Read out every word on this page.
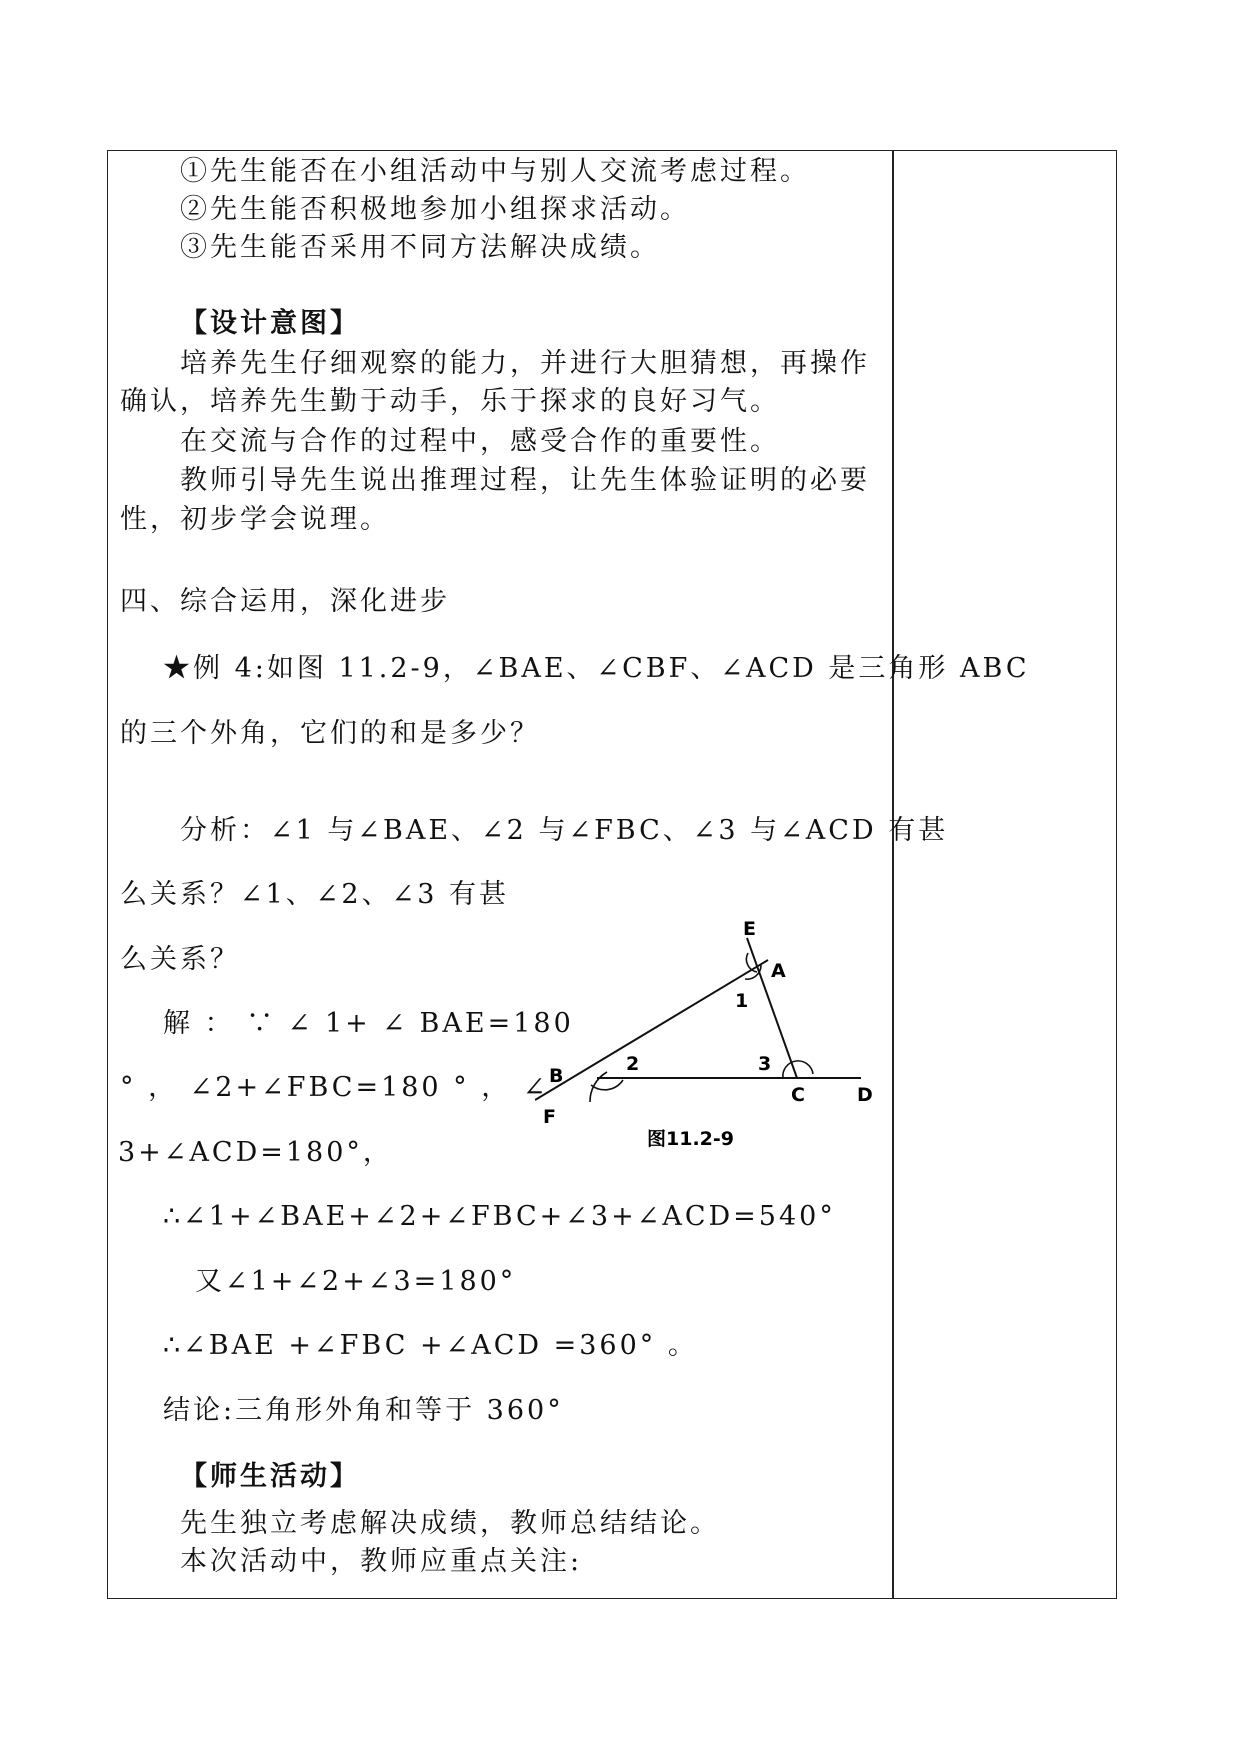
①先生能否在小组活动中与别人交流考虑过程。
②先生能否积极地参加小组探求活动。
③先生能否采用不同方法解决成绩。
【设计意图】
培养先生仔细观察的能力，并进行大胆猜想，再操作
确认，培养先生勤于动手，乐于探求的良好习气。
在交流与合作的过程中，感受合作的重要性。
教师引导先生说出推理过程，让先生体验证明的必要
性，初步学会说理。
四、综合运用，深化进步
★例 4:如图 11.2-9，∠BAE、∠CBF、∠ACD 是三角形 ABC
的三个外角，它们的和是多少？
分析：∠1 与∠BAE、∠2 与∠FBC、∠3 与∠ACD 有甚
么关系？∠1、∠2、∠3 有甚
么关系？
解 ： ∵ ∠ 1+ ∠ BAE=180
° ， ∠2+∠FBC=180 ° ， ∠
3+∠ACD=180°，
∴∠1+∠BAE+∠2+∠FBC+∠3+∠ACD=540°
又∠1+∠2+∠3=180°
∴∠BAE +∠FBC +∠ACD =360° 。
结论:三角形外角和等于 360°
【师生活动】
先生独立考虑解决成绩，教师总结结论。
本次活动中，教师应重点关注:
E
A
1
B
2	3
C	D
F
图11.2-9
